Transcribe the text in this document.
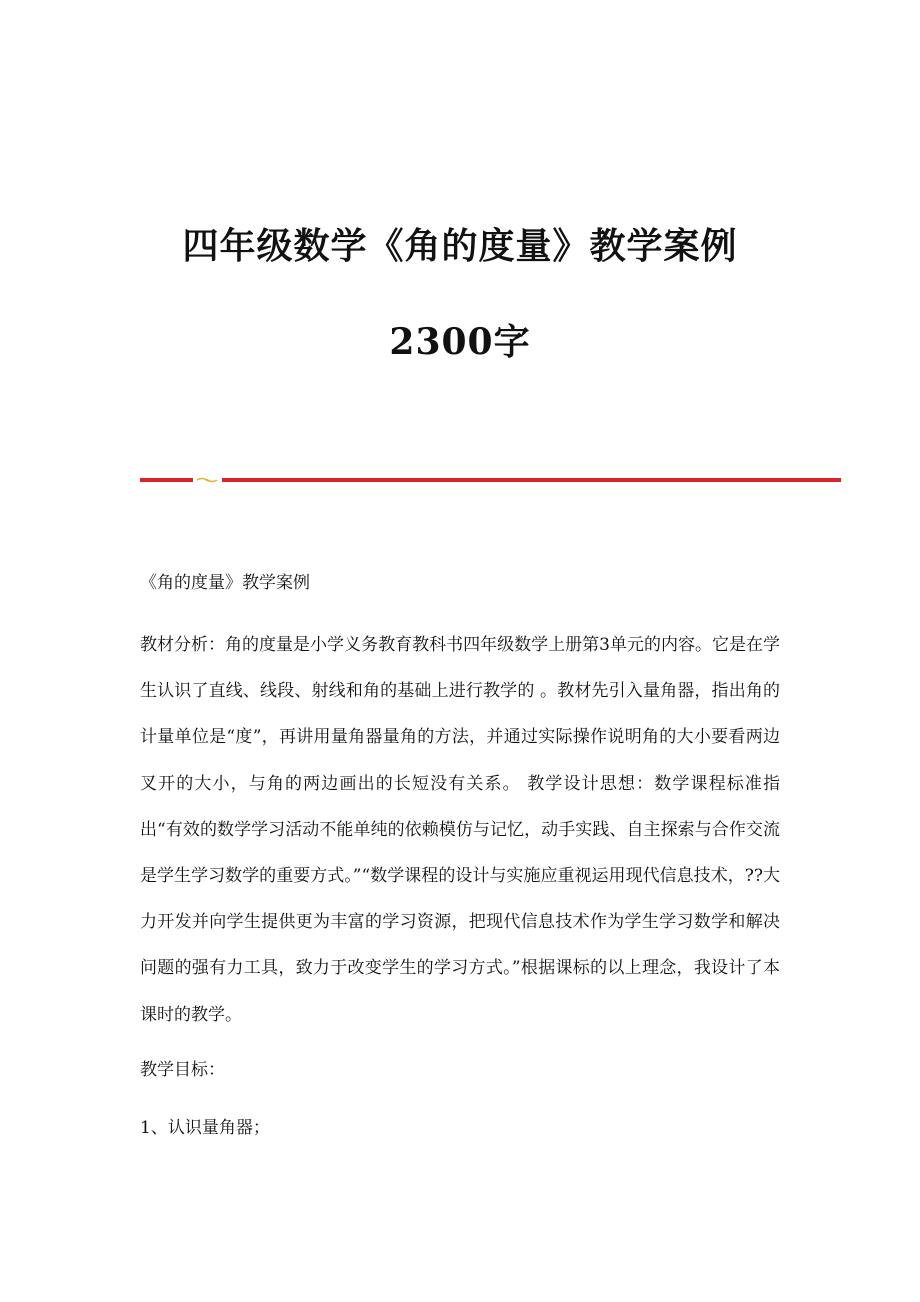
四年级数学《角的度量》教学案例
2300字
《角的度量》教学案例
教材分析：角的度量是小学义务教育教科书四年级数学上册第3单元的内容。它是在学生认识了直线、线段、射线和角的基础上进行教学的 。教材先引入量角器，指出角的计量单位是“度”，再讲用量角器量角的方法，并通过实际操作说明角的大小要看两边叉开的大小，与角的两边画出的长短没有关系。 教学设计思想：数学课程标准指出“有效的数学学习活动不能单纯的依赖模仿与记忆，动手实践、自主探索与合作交流是学生学习数学的重要方式。”“数学课程的设计与实施应重视运用现代信息技术，??大力开发并向学生提供更为丰富的学习资源，把现代信息技术作为学生学习数学和解决问题的强有力工具，致力于改变学生的学习方式。”根据课标的以上理念，我设计了本课时的教学。
教学目标：
1、认识量角器；
